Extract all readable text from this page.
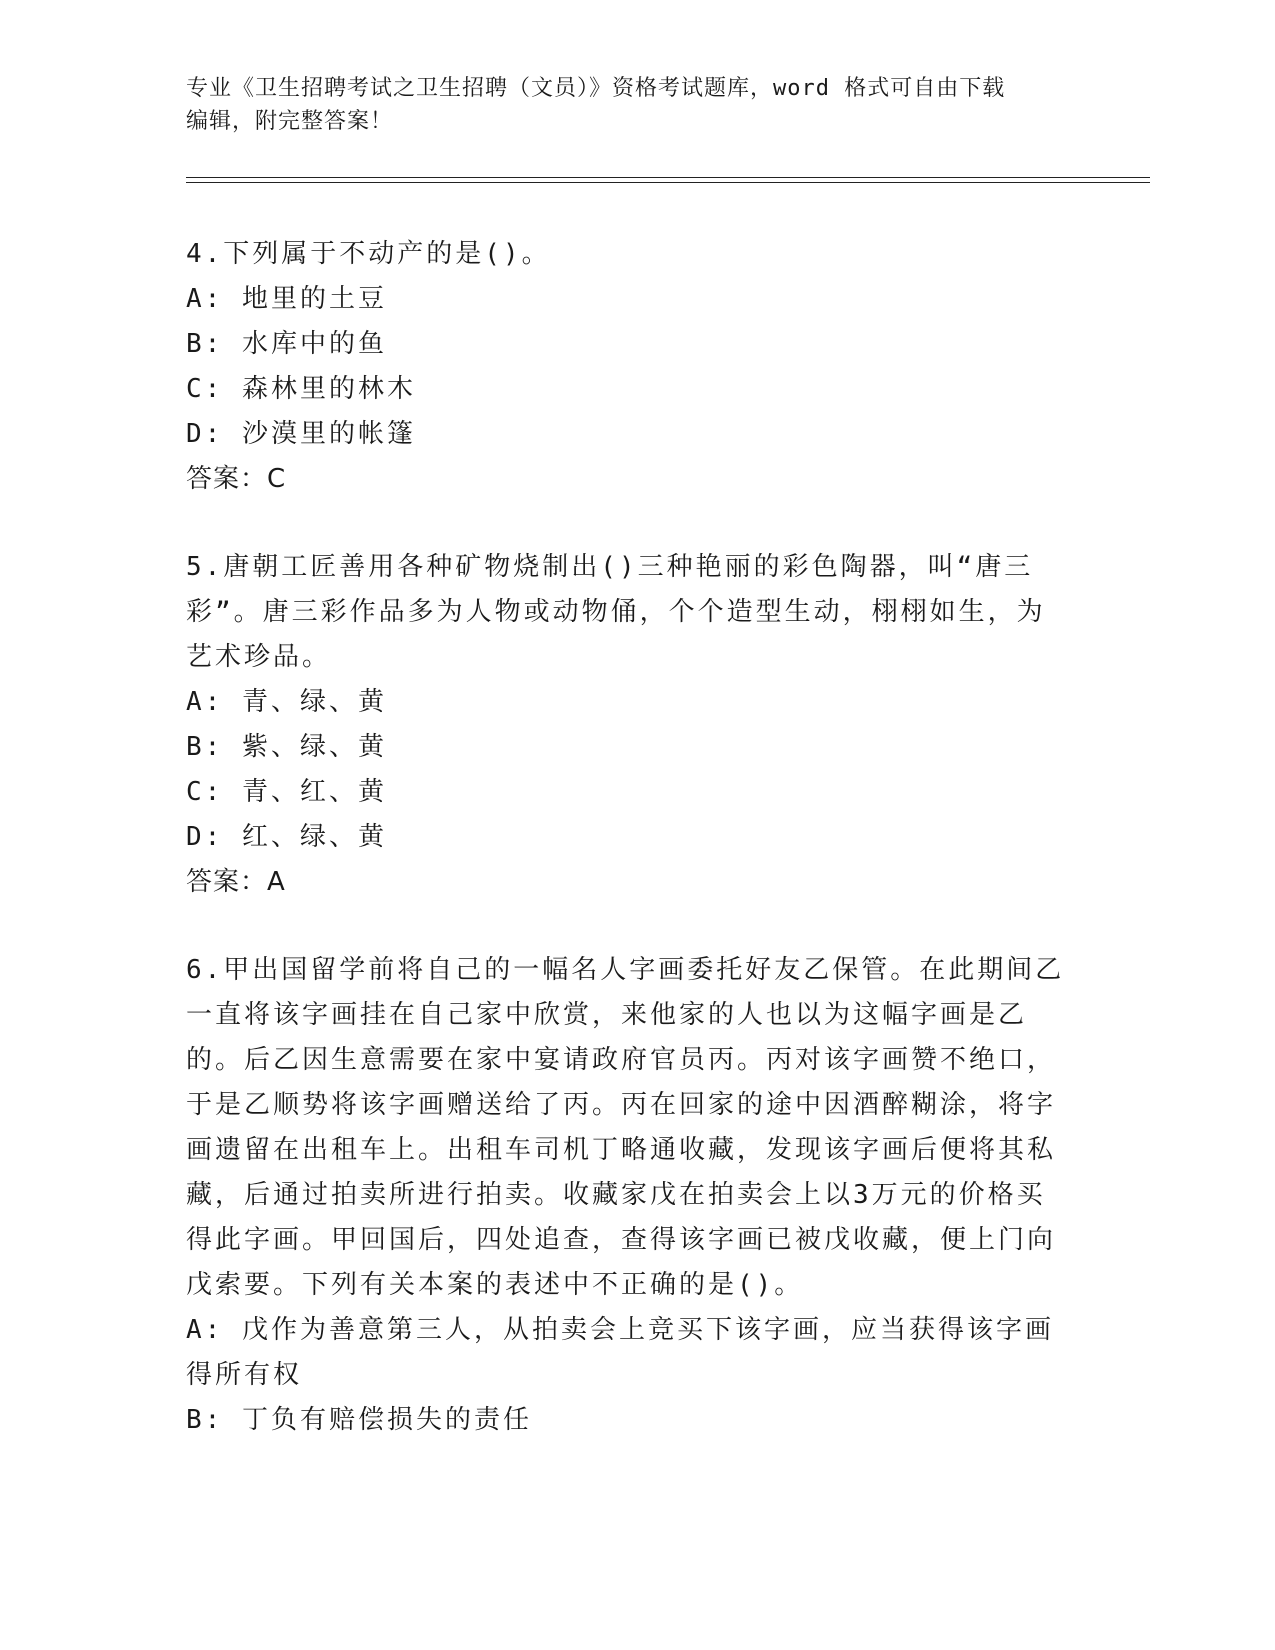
专业《卫生招聘考试之卫生招聘（文员）》资格考试题库，word 格式可自由下载
编辑，附完整答案！
4.下列属于不动产的是()。
A: 地里的土豆
B: 水库中的鱼
C: 森林里的林木
D: 沙漠里的帐篷
答案：C
5.唐朝工匠善用各种矿物烧制出()三种艳丽的彩色陶器，叫“唐三彩”。唐三彩作品多为人物或动物俑，个个造型生动，栩栩如生，为艺术珍品。
A: 青、绿、黄
B: 紫、绿、黄
C: 青、红、黄
D: 红、绿、黄
答案：A
6.甲出国留学前将自己的一幅名人字画委托好友乙保管。在此期间乙一直将该字画挂在自己家中欣赏，来他家的人也以为这幅字画是乙的。后乙因生意需要在家中宴请政府官员丙。丙对该字画赞不绝口，于是乙顺势将该字画赠送给了丙。丙在回家的途中因酒醉糊涂，将字画遗留在出租车上。出租车司机丁略通收藏，发现该字画后便将其私藏，后通过拍卖所进行拍卖。收藏家戊在拍卖会上以3万元的价格买得此字画。甲回国后，四处追查，查得该字画已被戊收藏，便上门向戊索要。下列有关本案的表述中不正确的是()。
A: 戊作为善意第三人，从拍卖会上竞买下该字画，应当获得该字画得所有权
B: 丁负有赔偿损失的责任
